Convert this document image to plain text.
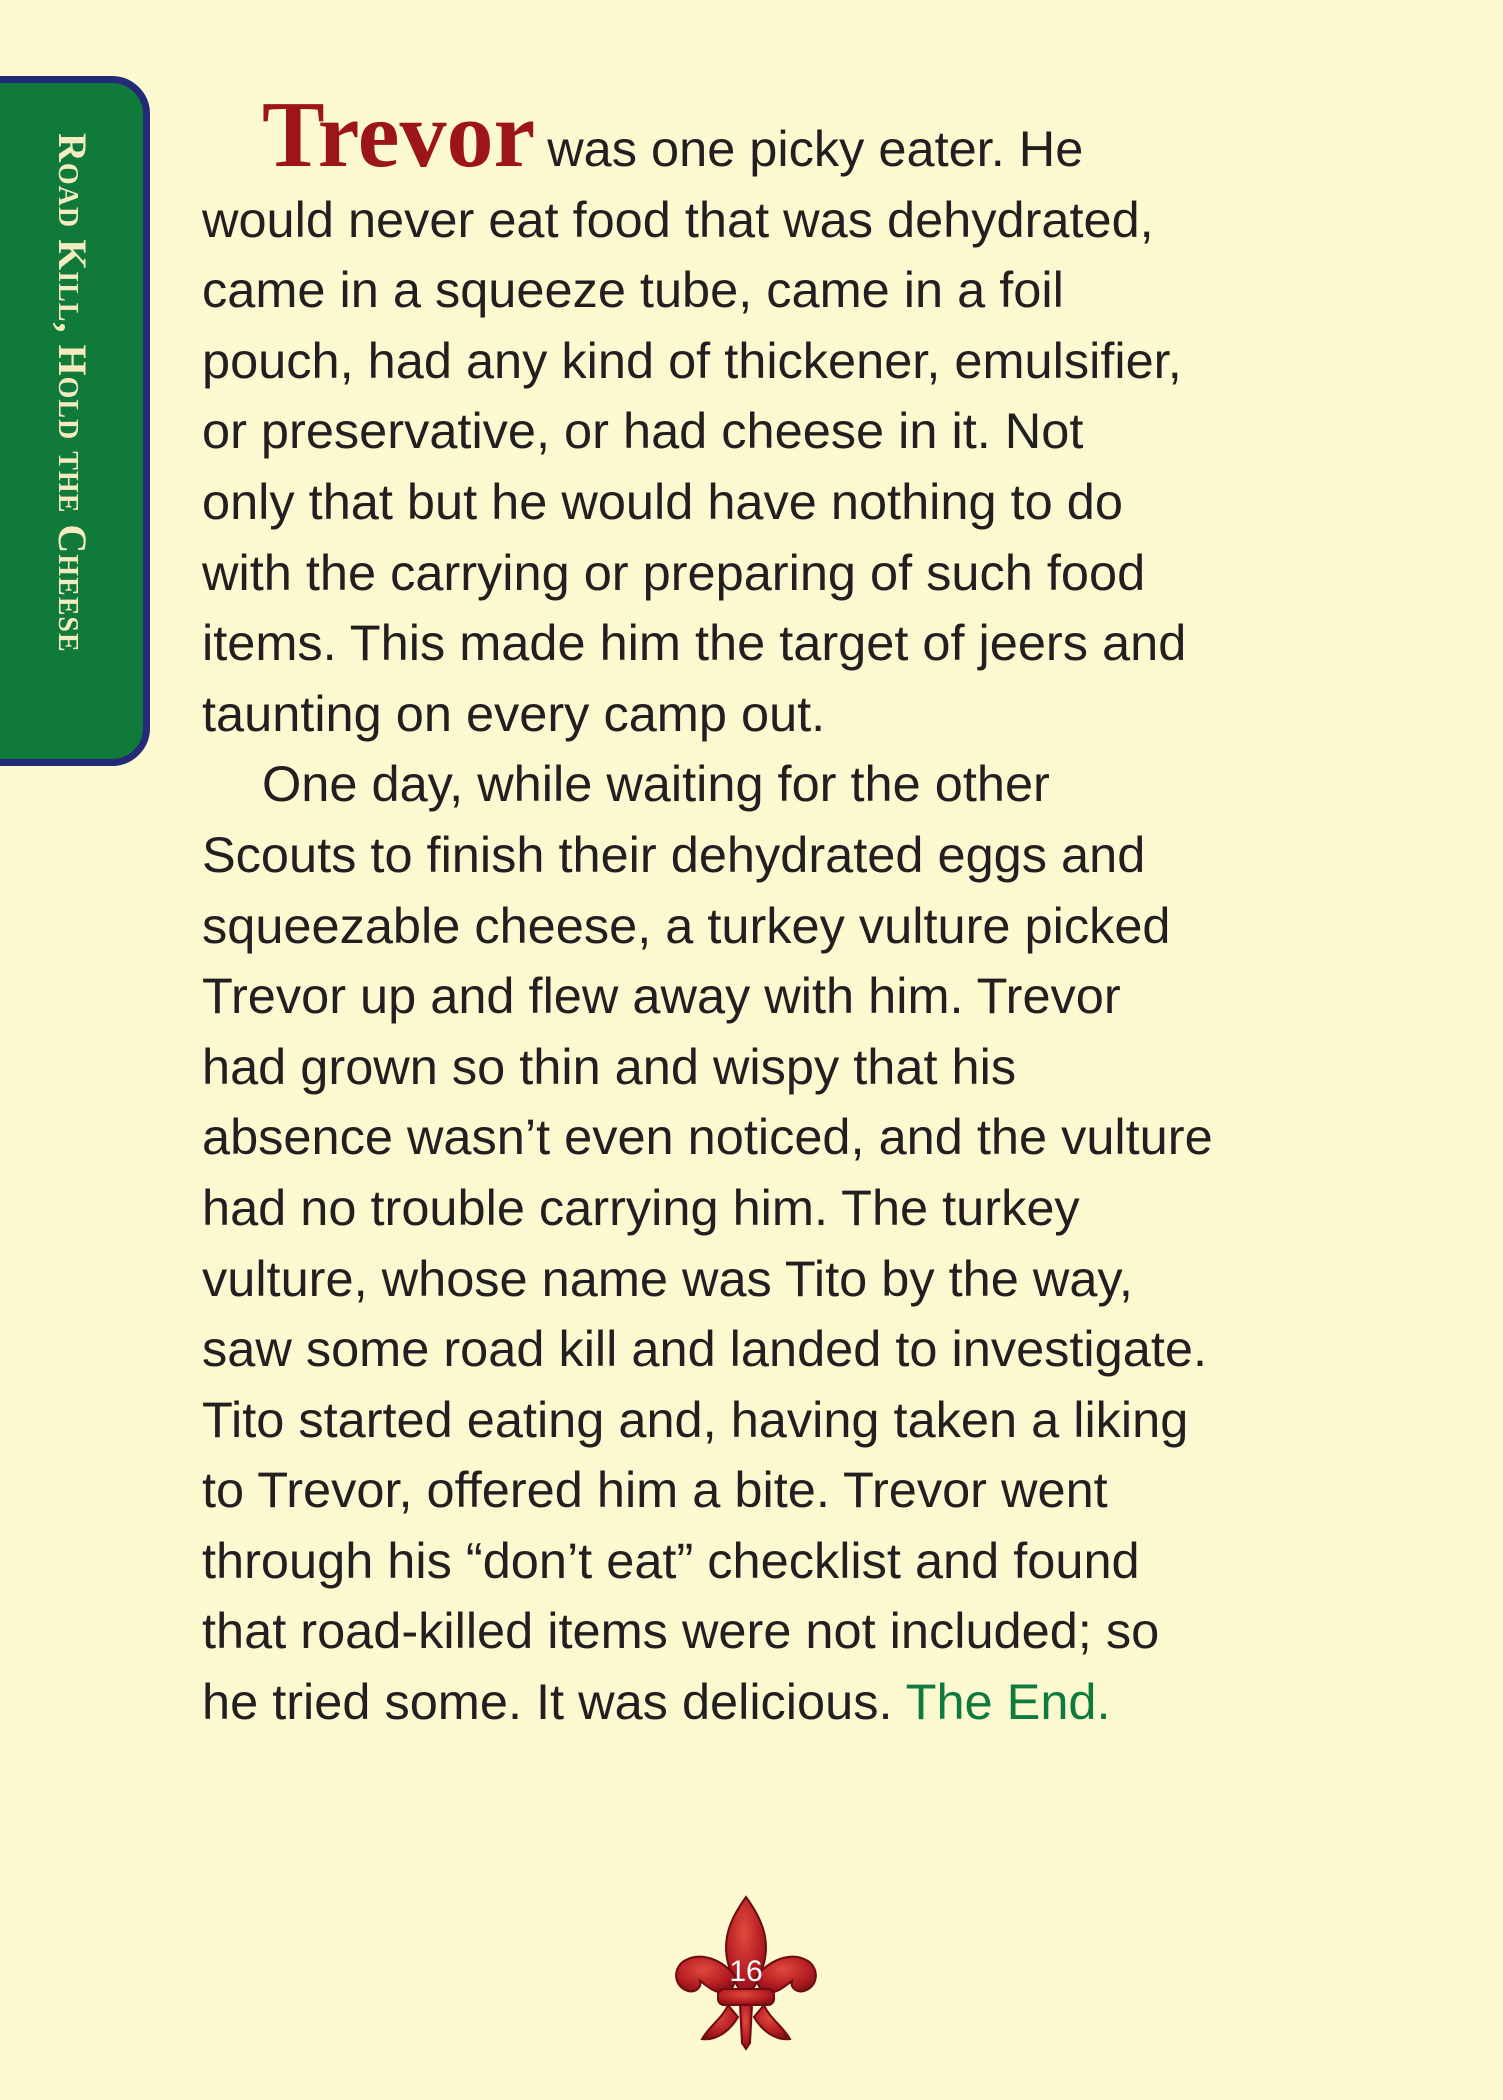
Road Kill, Hold the Cheese	Trevor was one picky eater. He
would never eat food that was dehydrated,
came in a squeeze tube, came in a foil
pouch, had any kind of thickener, emulsifier,
or preservative, or had cheese in it. Not
only that but he would have nothing to do
with the carrying or preparing of such food
items. This made him the target of jeers and
taunting on every camp out.

One day, while waiting for the other
Scouts to finish their dehydrated eggs and
squeezable cheese, a turkey vulture picked
Trevor up and flew away with him. Trevor
had grown so thin and wispy that his
absence wasn’t even noticed, and the vulture
had no trouble carrying him. The turkey
vulture, whose name was Tito by the way,
saw some road kill and landed to investigate.
Tito started eating and, having taken a liking
to Trevor, offered him a bite. Trevor went
through his “don’t eat” checklist and found
that road-killed items were not included; so
he tried some. It was delicious. The End.

16
